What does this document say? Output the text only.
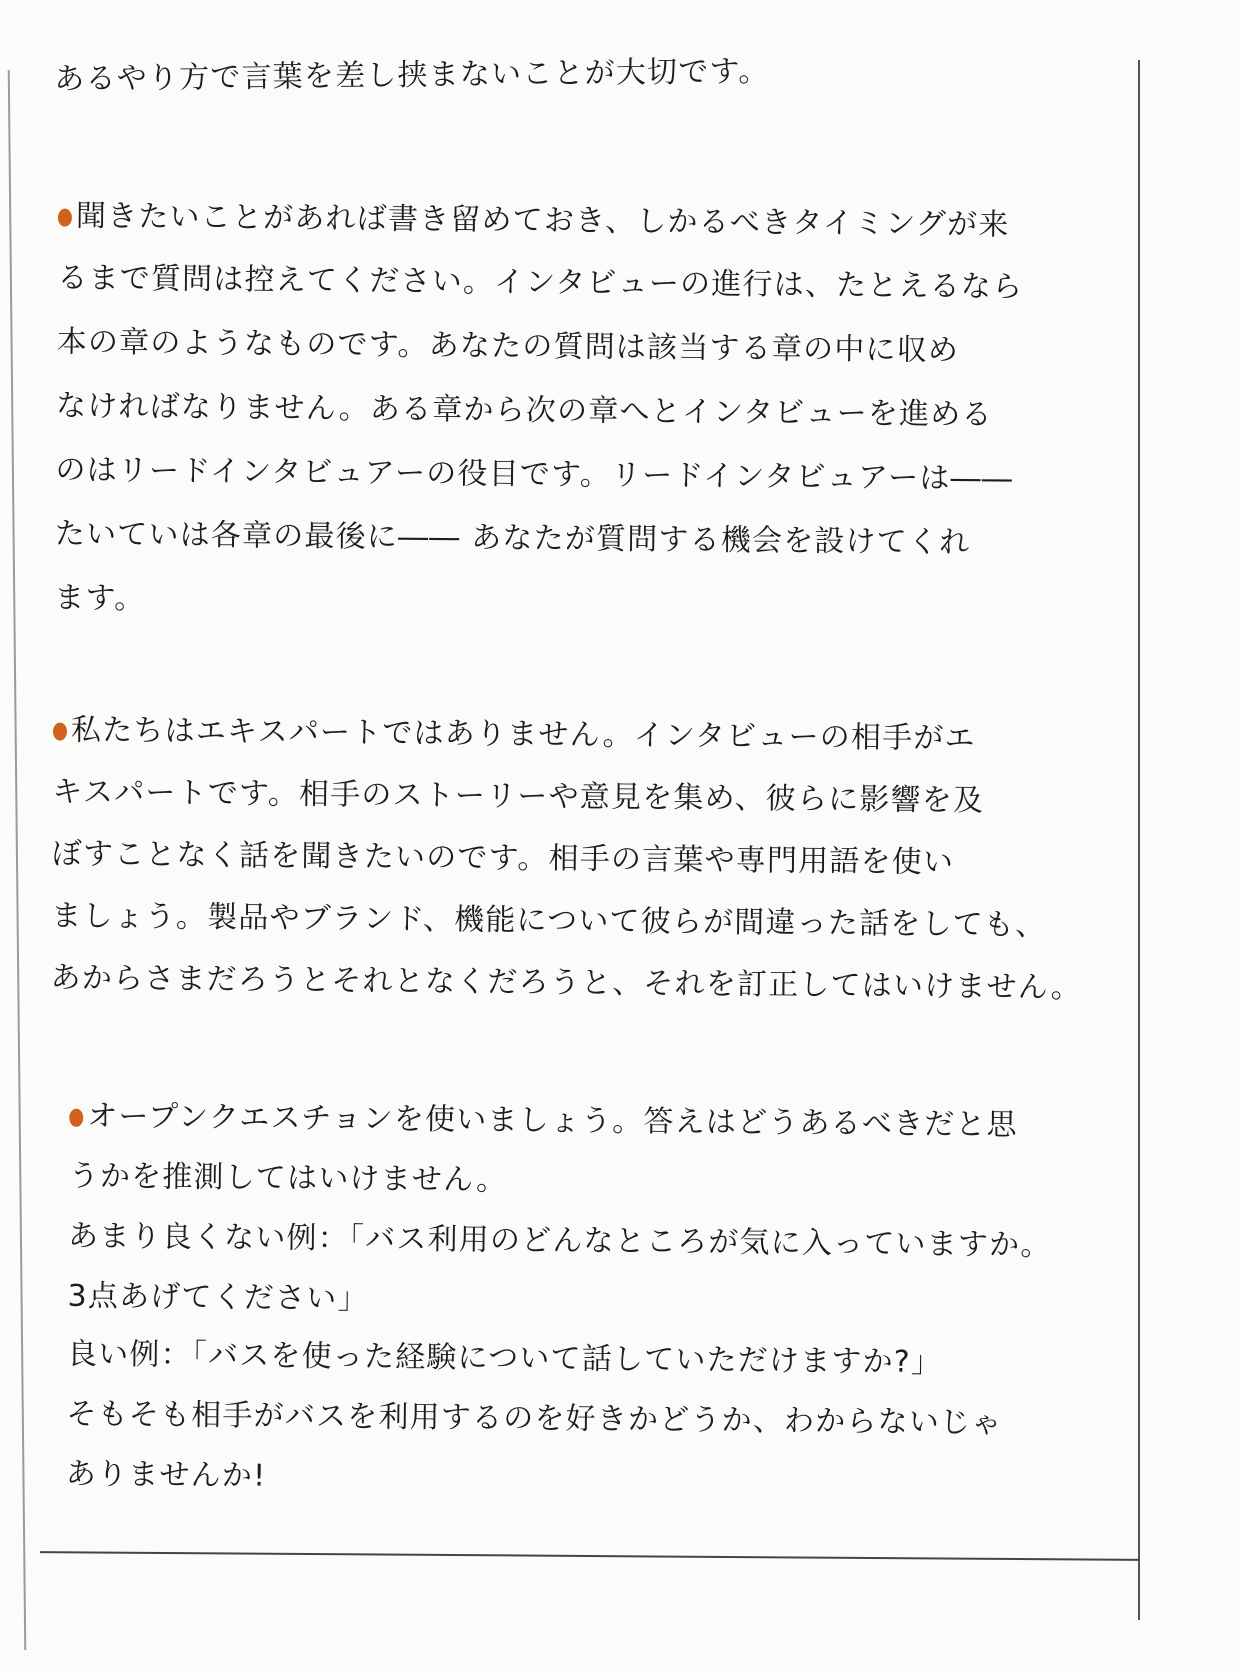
あるやり方で言葉を差し挟まないことが大切です。
聞きたいことがあれば書き留めておき、しかるべきタイミングが来
るまで質問は控えてください。インタビューの進行は、たとえるなら
本の章のようなものです。あなたの質問は該当する章の中に収め
なければなりません。ある章から次の章へとインタビューを進める
のはリードインタビュアーの役目です。リードインタビュアーは――
たいていは各章の最後に―― あなたが質問する機会を設けてくれ
ます。
私たちはエキスパートではありません。インタビューの相手がエ
キスパートです。相手のストーリーや意見を集め、彼らに影響を及
ぼすことなく話を聞きたいのです。相手の言葉や専門用語を使い
ましょう。製品やブランド、機能について彼らが間違った話をしても、
あからさまだろうとそれとなくだろうと、それを訂正してはいけません。
オープンクエスチョンを使いましょう。答えはどうあるべきだと思
うかを推測してはいけません。
あまり良くない例：「バス利用のどんなところが気に入っていますか。
3点あげてください」
良い例：「バスを使った経験について話していただけますか?」
そもそも相手がバスを利用するのを好きかどうか、わからないじゃ
ありませんか!
